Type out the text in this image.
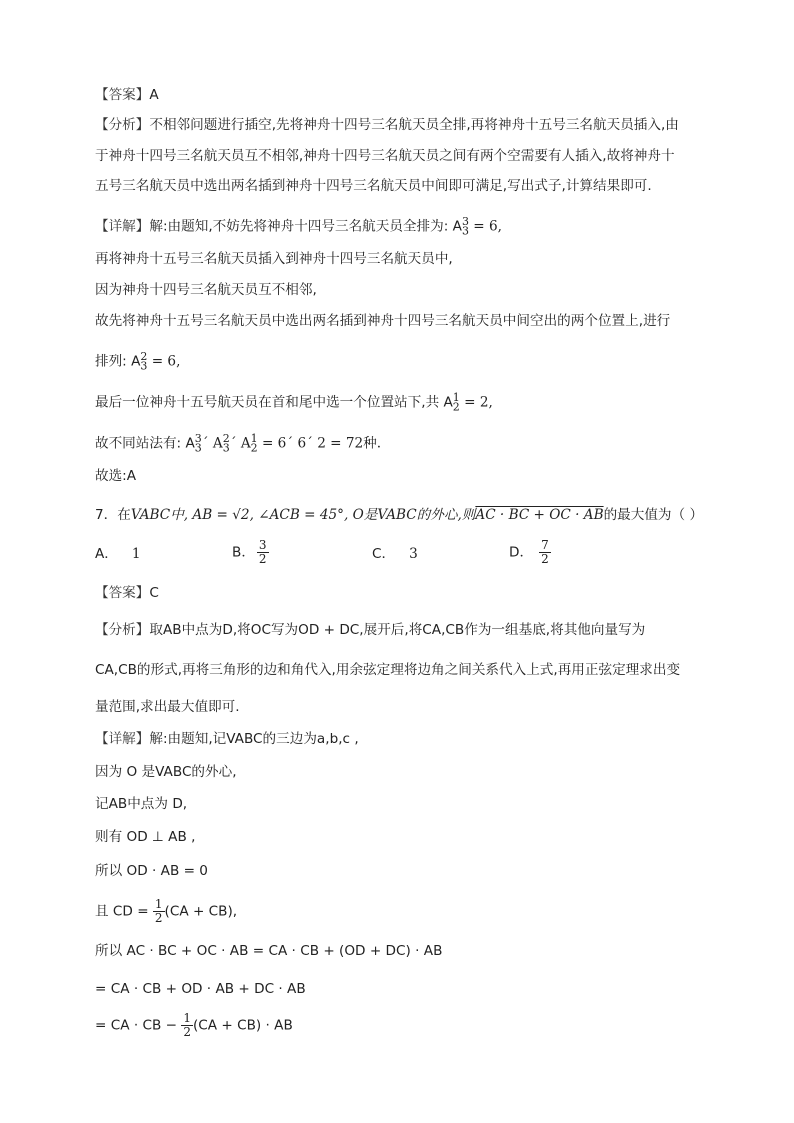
【答案】A
【分析】不相邻问题进行插空,先将神舟十四号三名航天员全排,再将神舟十五号三名航天员插入,由
于神舟十四号三名航天员互不相邻,神舟十四号三名航天员之间有两个空需要有人插入,故将神舟十
五号三名航天员中选出两名插到神舟十四号三名航天员中间即可满足,写出式子,计算结果即可.
【详解】解:由题知,不妨先将神舟十四号三名航天员全排为: $A_3^3 = 6$,
再将神舟十五号三名航天员插入到神舟十四号三名航天员中,
因为神舟十四号三名航天员互不相邻,
故先将神舟十五号三名航天员中选出两名插到神舟十四号三名航天员中间空出的两个位置上,进行
排列: $A_3^2 = 6$,
最后一位神舟十五号航天员在首和尾中选一个位置站下,共 $A_2^1 = 2$,
故不同站法有: $A_3^3´$ $A_3^2´$ $A_2^1$ = 6´ 6´ 2 = 72种.
故选:A
7．在VABC中, AB = √2, ∠ACB = 45°, O是VABC的外心,则AC · BC + OC · AB的最大值为（ ）
A． 1	B． $\frac{3}{2}$	C． 3	D． $\frac{7}{2}$
【答案】C
【分析】取AB中点为D,将OC写为OD + DC,展开后,将CA,CB作为一组基底,将其他向量写为
CA,CB的形式,再将三角形的边和角代入,用余弦定理将边角之间关系代入上式,再用正弦定理求出变
量范围,求出最大值即可.
【详解】解:由题知,记VABC的三边为a,b,c ,
因为 O 是VABC的外心,
记AB中点为 D,
则有 OD ⊥ AB ,
所以 OD · AB = 0
且 CD = $\frac{1}{2} (CA + CB)$,
所以 AC · BC + OC · AB = CA · CB + (OD + DC) · AB
= CA · CB + OD · AB + DC · AB
= CA · CB − $\frac{1}{2} (CA + CB)$ · AB
